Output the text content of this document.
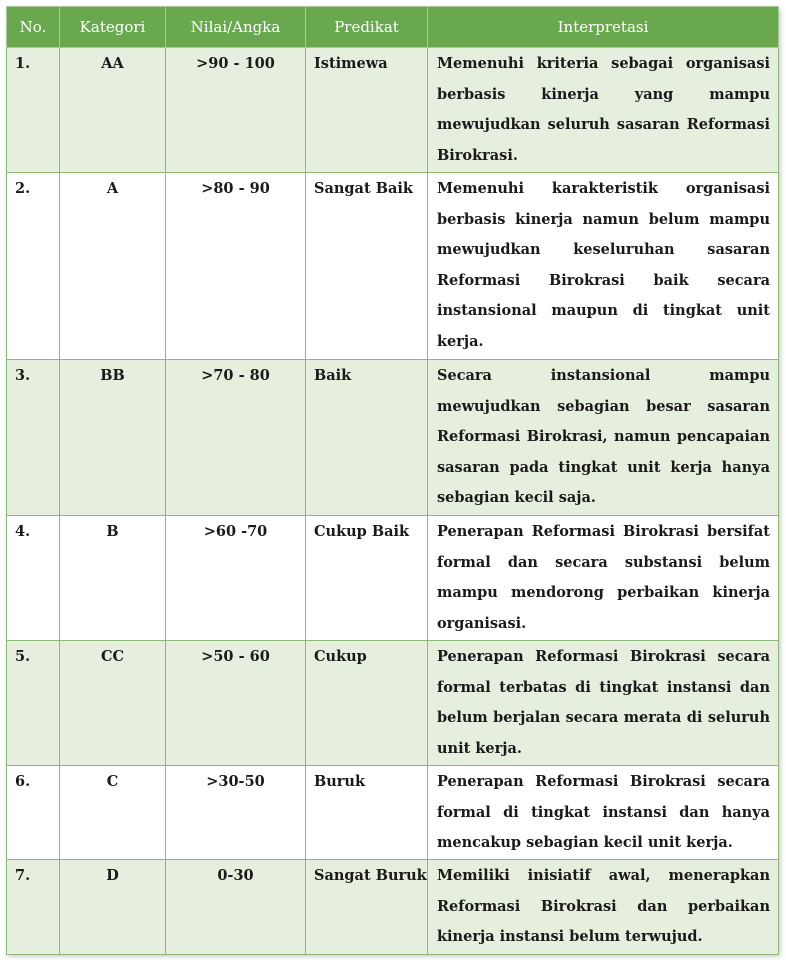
No.	Kategori	Nilai/Angka	Predikat	Interpretasi

1.	AA	>90 - 100	Istimewa	Memenuhi kriteria sebagai organisasi berbasis kinerja yang mampu mewujudkan seluruh sasaran Reformasi Birokrasi.

2.	A	>80 - 90	Sangat Baik	Memenuhi karakteristik organisasi berbasis kinerja namun belum mampu mewujudkan keseluruhan sasaran Reformasi Birokrasi baik secara instansional maupun di tingkat unit kerja.

3.	BB	>70 - 80	Baik	Secara instansional mampu mewujudkan sebagian besar sasaran Reformasi Birokrasi, namun pencapaian sasaran pada tingkat unit kerja hanya sebagian kecil saja.

4.	B	>60 -70	Cukup Baik	Penerapan Reformasi Birokrasi bersifat formal dan secara substansi belum mampu mendorong perbaikan kinerja organisasi.

5.	CC	>50 - 60	Cukup	Penerapan Reformasi Birokrasi secara formal terbatas di tingkat instansi dan belum berjalan secara merata di seluruh unit kerja.

6.	C	>30-50	Buruk	Penerapan Reformasi Birokrasi secara formal di tingkat instansi dan hanya mencakup sebagian kecil unit kerja.

7.	D	0-30	Sangat Buruk	Memiliki inisiatif awal, menerapkan Reformasi Birokrasi dan perbaikan kinerja instansi belum terwujud.
